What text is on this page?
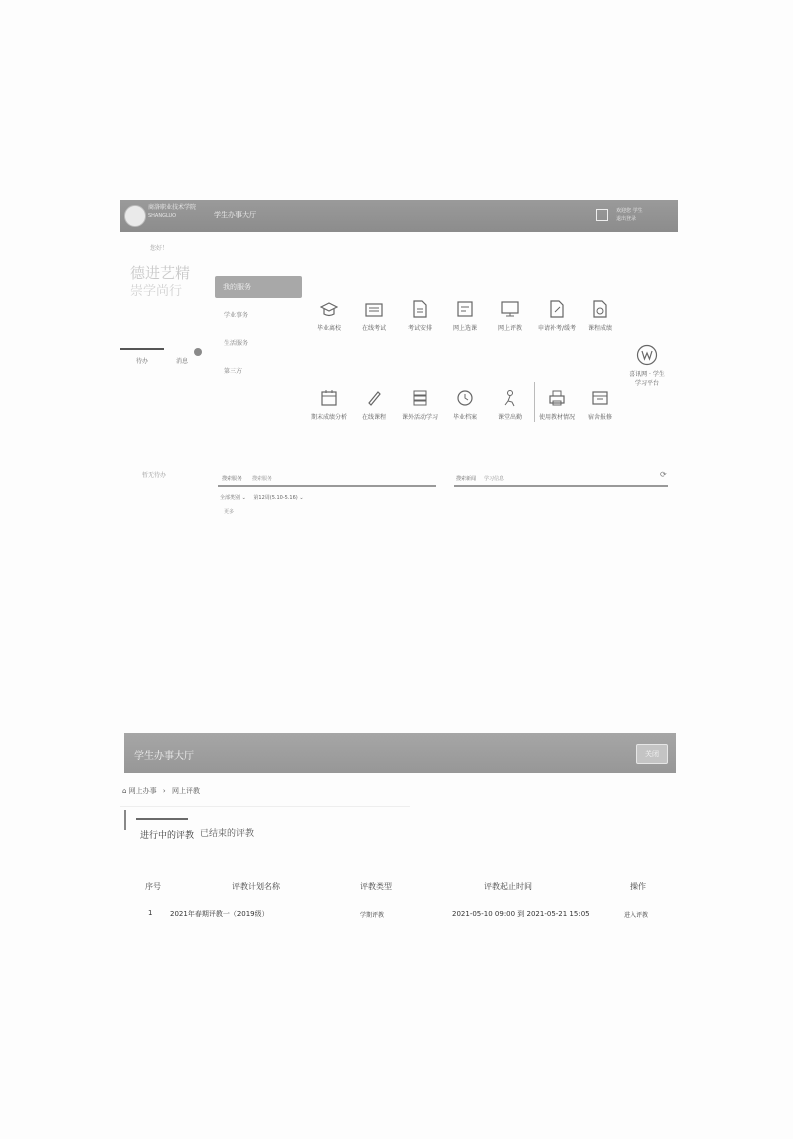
商洛职业技术学院
SHANGLUO	学生办事大厅	欢迎您 学生
退出登录
您好！
德进艺精
崇学尚行
待办	消息
暂无待办
我的服务
学业事务
生活服务
第三方
毕业离校	在线考试	考试安排	网上选课	网上评教	申请补考/缓考	课程成绩
期末成绩分析	在线课程	课外活动学习	毕业档案	课堂出勤	使用教材情况	宿舍报修
喜讯网 · 学生
学习平台
搜索服务 搜索服务	搜索新闻 学习信息	⟳
全部类别 ⌄ 第12周(5.10-5.16) ⌄
更多
学生办事大厅	关闭
⌂ 网上办事 › 网上评教
进行中的评教 已结束的评教
序号	评教计划名称	评教类型	评教起止时间	操作
1	2021年春期评教一（2019级）	学期评教	2021-05-10 09:00 到 2021-05-21 15:05	进入评教
